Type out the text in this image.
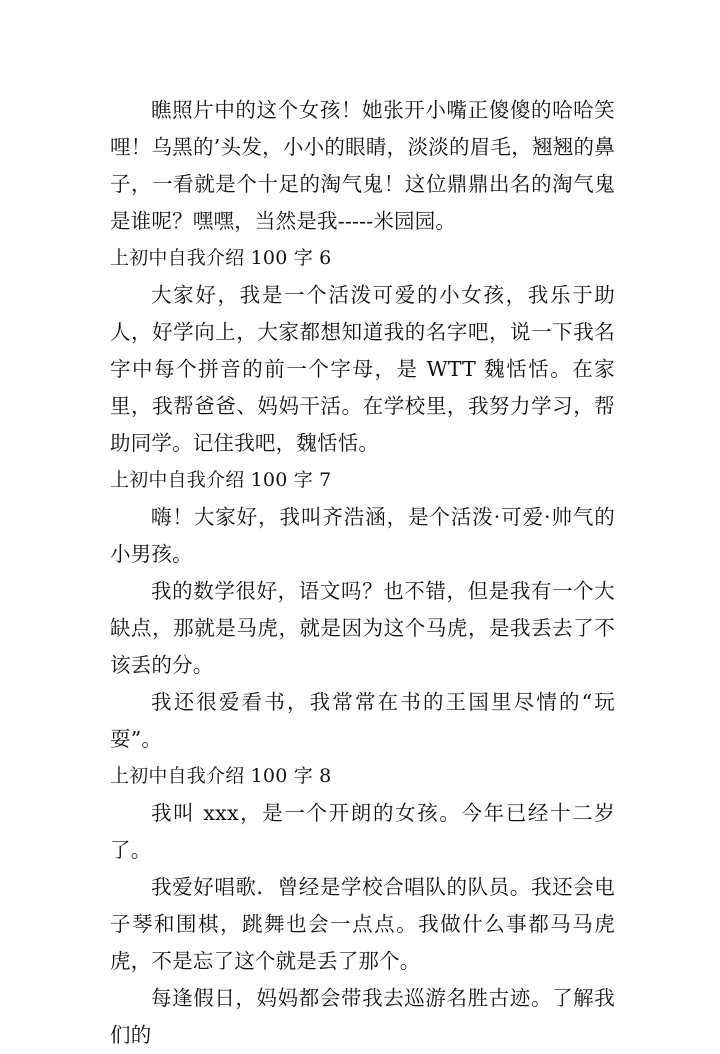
瞧照片中的这个女孩！她张开小嘴正傻傻的哈哈笑哩！乌黑的’头发，小小的眼睛，淡淡的眉毛，翘翘的鼻子，一看就是个十足的淘气鬼！这位鼎鼎出名的淘气鬼是谁呢？嘿嘿，当然是我-----米园园。

上初中自我介绍 100 字 6

大家好，我是一个活泼可爱的小女孩，我乐于助人，好学向上，大家都想知道我的名字吧，说一下我名字中每个拼音的前一个字母，是 WTT 魏恬恬。在家里，我帮爸爸、妈妈干活。在学校里，我努力学习，帮助同学。记住我吧，魏恬恬。

上初中自我介绍 100 字 7

嗨！大家好，我叫齐浩涵，是个活泼·可爱·帅气的小男孩。

我的数学很好，语文吗？也不错，但是我有一个大缺点，那就是马虎，就是因为这个马虎，是我丢去了不该丢的分。

我还很爱看书，我常常在书的王国里尽情的“玩耍”。

上初中自我介绍 100 字 8

我叫 xxx，是一个开朗的女孩。今年已经十二岁了。

我爱好唱歌．曾经是学校合唱队的队员。我还会电子琴和围棋，跳舞也会一点点。我做什么事都马马虎虎，不是忘了这个就是丢了那个。

每逢假日，妈妈都会带我去巡游名胜古迹。了解我们的
